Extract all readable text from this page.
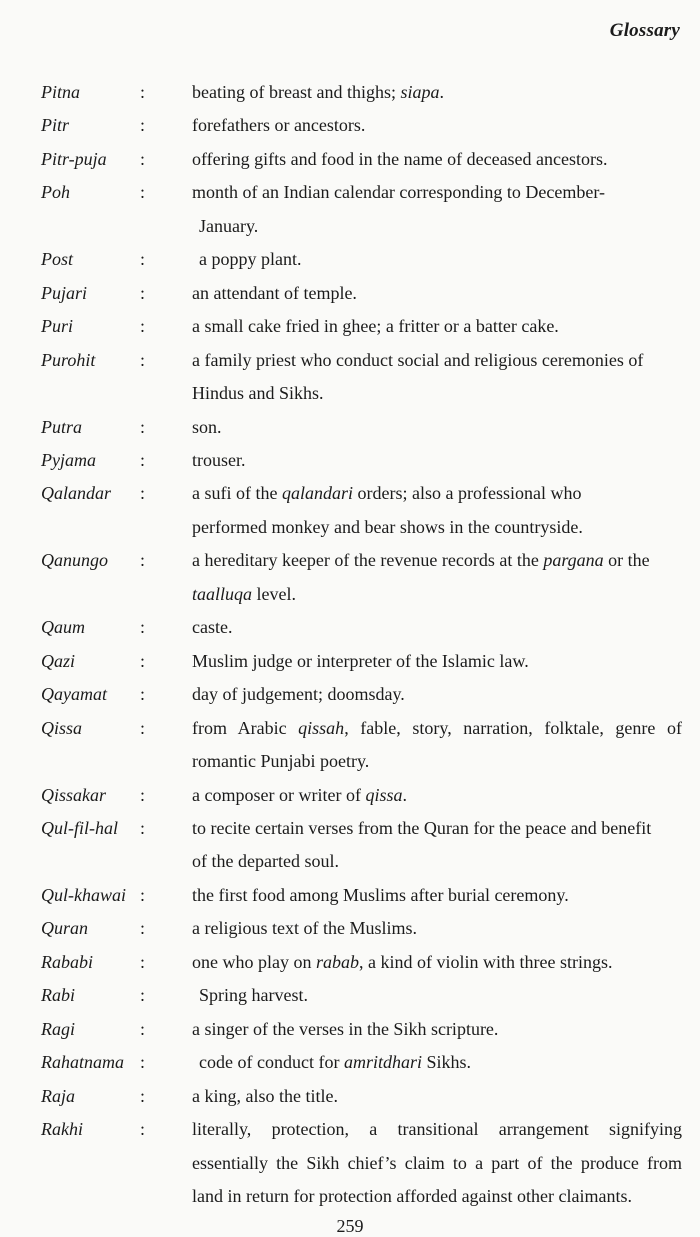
Glossary
Pitna	:	beating of breast and thighs; siapa.
Pitr	:	forefathers or ancestors.
Pitr-puja	:	offering gifts and food in the name of deceased ancestors.
Poh	:	month of an Indian calendar corresponding to December-
January.
Post	:	a poppy plant.
Pujari	:	an attendant of temple.
Puri	:	a small cake fried in ghee; a fritter or a batter cake.
Purohit	:	a family priest who conduct social and religious ceremonies of
Hindus and Sikhs.
Putra	:	son.
Pyjama	:	trouser.
Qalandar	:	a sufi of the qalandari orders; also a professional who
performed monkey and bear shows in the countryside.
Qanungo	:	a hereditary keeper of the revenue records at the pargana or the
taalluqa level.
Qaum	:	caste.
Qazi	:	Muslim judge or interpreter of the Islamic law.
Qayamat	:	day of judgement; doomsday.
Qissa	:	from Arabic qissah, fable, story, narration, folktale, genre of
romantic Punjabi poetry.
Qissakar	:	a composer or writer of qissa.
Qul-fil-hal	:	to recite certain verses from the Quran for the peace and benefit
of the departed soul.
Qul-khawai :	the first food among Muslims after burial ceremony.
Quran	:	a religious text of the Muslims.
Rababi	:	one who play on rabab, a kind of violin with three strings.
Rabi	:	Spring harvest.
Ragi	:	a singer of the verses in the Sikh scripture.
Rahatnama :	code of conduct for amritdhari Sikhs.
Raja	:	a king, also the title.
Rakhi	:	literally, protection, a transitional arrangement signifying
essentially the Sikh chief’s claim to a part of the produce from
land in return for protection afforded against other claimants.
259
